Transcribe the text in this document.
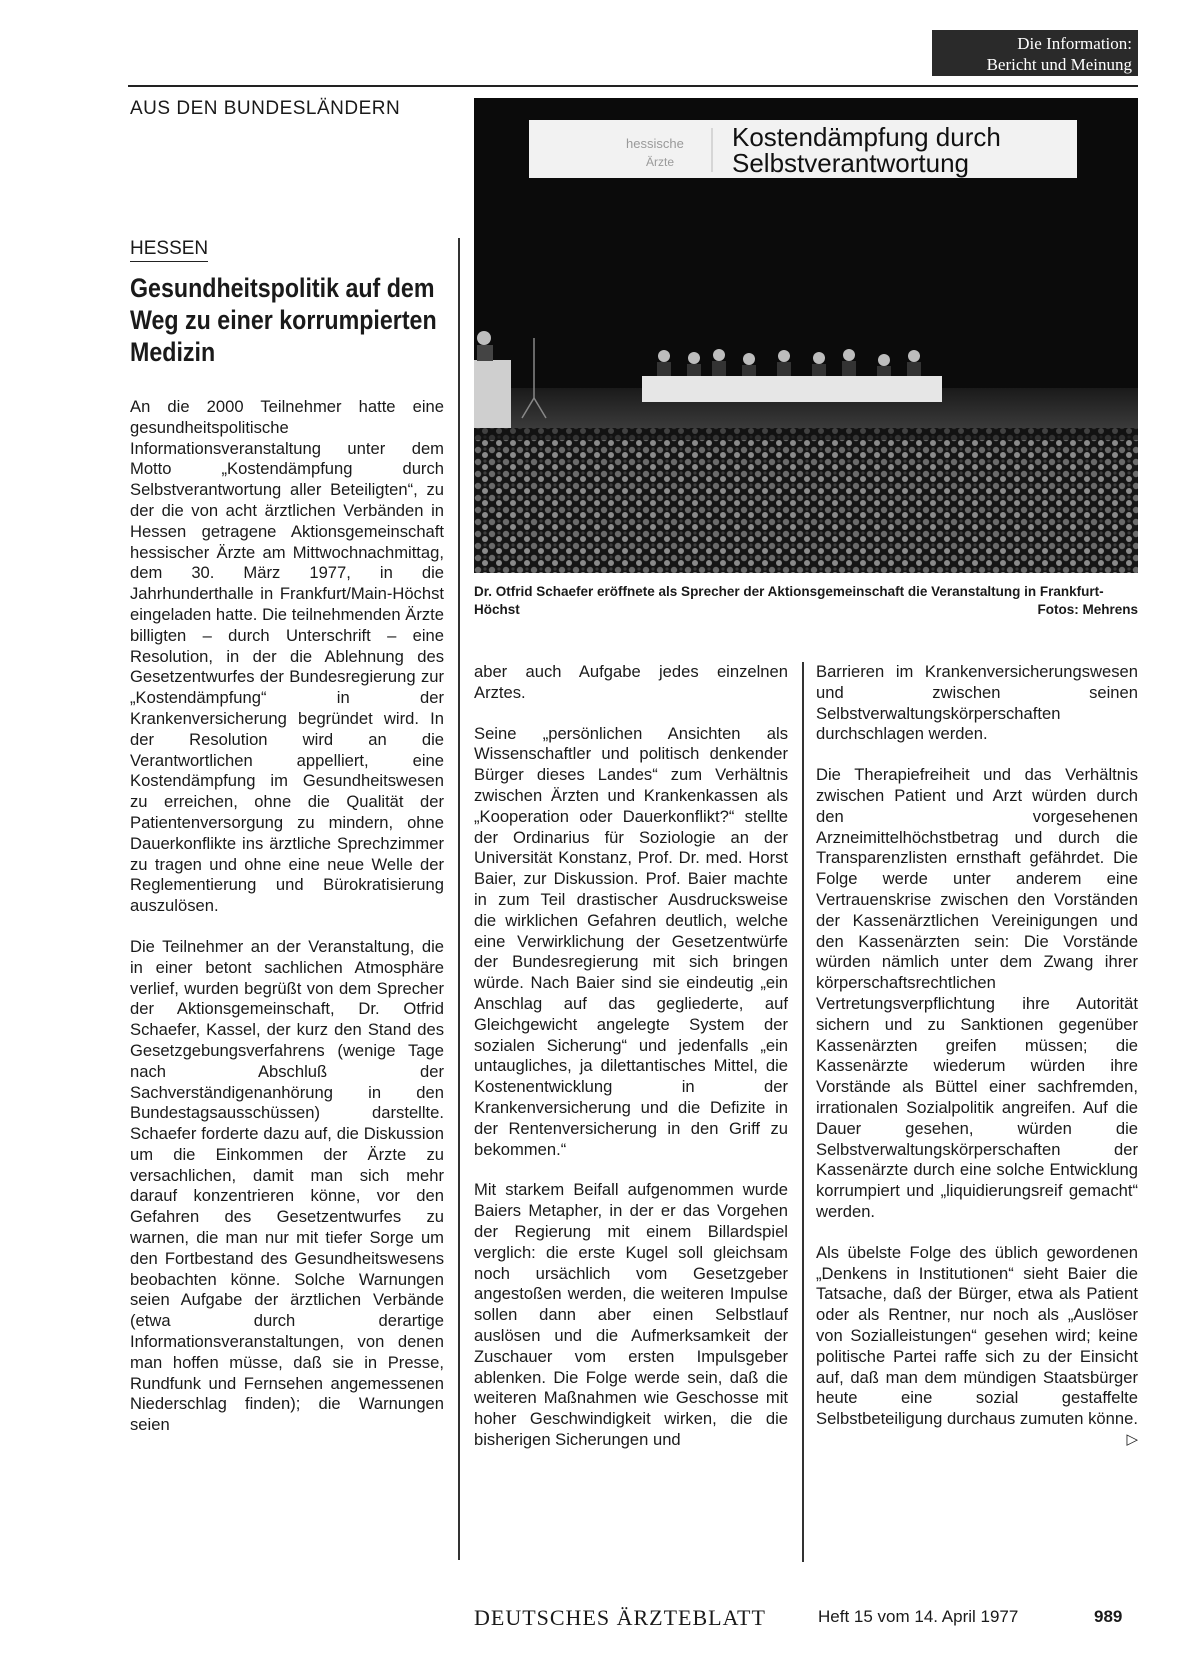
Die Information:
Bericht und Meinung
AUS DEN BUNDESLÄNDERN
HESSEN
Gesundheitspolitik auf dem Weg zu einer korrumpierten Medizin
hessische
Ärzte
Kostendämpfung durch
Selbstverantwortung
Dr. Otfrid Schaefer eröffnete als Sprecher der Aktionsgemeinschaft die Veranstaltung in Frankfurt-Höchst	Fotos: Mehrens

An die 2000 Teilnehmer hatte eine gesundheitspolitische Informationsveranstaltung unter dem Motto „Kostendämpfung durch Selbstverantwortung aller Beteiligten“, zu der die von acht ärztlichen Verbänden in Hessen getragene Aktionsgemeinschaft hessischer Ärzte am Mittwochnachmittag, dem 30. März 1977, in die Jahrhunderthalle in Frankfurt/Main-Höchst eingeladen hatte. Die teilnehmenden Ärzte billigten – durch Unterschrift – eine Resolution, in der die Ablehnung des Gesetzentwurfes der Bundesregierung zur „Kostendämpfung“ in der Krankenversicherung begründet wird. In der Resolution wird an die Verantwortlichen appelliert, eine Kostendämpfung im Gesundheitswesen zu erreichen, ohne die Qualität der Patientenversorgung zu mindern, ohne Dauerkonflikte ins ärztliche Sprechzimmer zu tragen und ohne eine neue Welle der Reglementierung und Bürokratisierung auszulösen.

Die Teilnehmer an der Veranstaltung, die in einer betont sachlichen Atmosphäre verlief, wurden begrüßt von dem Sprecher der Aktionsgemeinschaft, Dr. Otfrid Schaefer, Kassel, der kurz den Stand des Gesetzgebungsverfahrens (wenige Tage nach Abschluß der Sachverständigenanhörung in den Bundestagsausschüssen) darstellte. Schaefer forderte dazu auf, die Diskussion um die Einkommen der Ärzte zu versachlichen, damit man sich mehr darauf konzentrieren könne, vor den Gefahren des Gesetzentwurfes zu warnen, die man nur mit tiefer Sorge um den Fortbestand des Gesundheitswesens beobachten könne. Solche Warnungen seien Aufgabe der ärztlichen Verbände (etwa durch derartige Informationsveranstaltungen, von denen man hoffen müsse, daß sie in Presse, Rundfunk und Fernsehen angemessenen Niederschlag finden); die Warnungen seien

aber auch Aufgabe jedes einzelnen Arztes.

Seine „persönlichen Ansichten als Wissenschaftler und politisch denkender Bürger dieses Landes“ zum Verhältnis zwischen Ärzten und Krankenkassen als „Kooperation oder Dauerkonflikt?“ stellte der Ordinarius für Soziologie an der Universität Konstanz, Prof. Dr. med. Horst Baier, zur Diskussion. Prof. Baier machte in zum Teil drastischer Ausdrucksweise die wirklichen Gefahren deutlich, welche eine Verwirklichung der Gesetzentwürfe der Bundesregierung mit sich bringen würde. Nach Baier sind sie eindeutig „ein Anschlag auf das gegliederte, auf Gleichgewicht angelegte System der sozialen Sicherung“ und jedenfalls „ein untaugliches, ja dilettantisches Mittel, die Kostenentwicklung in der Krankenversicherung und die Defizite in der Rentenversicherung in den Griff zu bekommen.“

Mit starkem Beifall aufgenommen wurde Baiers Metapher, in der er das Vorgehen der Regierung mit einem Billardspiel verglich: die erste Kugel soll gleichsam noch ursächlich vom Gesetzgeber angestoßen werden, die weiteren Impulse sollen dann aber einen Selbstlauf auslösen und die Aufmerksamkeit der Zuschauer vom ersten Impulsgeber ablenken. Die Folge werde sein, daß die weiteren Maßnahmen wie Geschosse mit hoher Geschwindigkeit wirken, die die bisherigen Sicherungen und

Barrieren im Krankenversicherungswesen und zwischen seinen Selbstverwaltungskörperschaften durchschlagen werden.

Die Therapiefreiheit und das Verhältnis zwischen Patient und Arzt würden durch den vorgesehenen Arzneimittelhöchstbetrag und durch die Transparenzlisten ernsthaft gefährdet. Die Folge werde unter anderem eine Vertrauenskrise zwischen den Vorständen der Kassenärztlichen Vereinigungen und den Kassenärzten sein: Die Vorstände würden nämlich unter dem Zwang ihrer körperschaftsrechtlichen Vertretungsverpflichtung ihre Autorität sichern und zu Sanktionen gegenüber Kassenärzten greifen müssen; die Kassenärzte wiederum würden ihre Vorstände als Büttel einer sachfremden, irrationalen Sozialpolitik angreifen. Auf die Dauer gesehen, würden die Selbstverwaltungskörperschaften der Kassenärzte durch eine solche Entwicklung korrumpiert und „liquidierungsreif gemacht“ werden.

Als übelste Folge des üblich gewordenen „Denkens in Institutionen“ sieht Baier die Tatsache, daß der Bürger, etwa als Patient oder als Rentner, nur noch als „Auslöser von Sozialleistungen“ gesehen wird; keine politische Partei raffe sich zu der Einsicht auf, daß man dem mündigen Staatsbürger heute eine sozial gestaffelte Selbstbeteiligung durchaus zumuten könne.
▷

DEUTSCHES ÄRZTEBLATT	Heft 15 vom 14. April 1977	989
